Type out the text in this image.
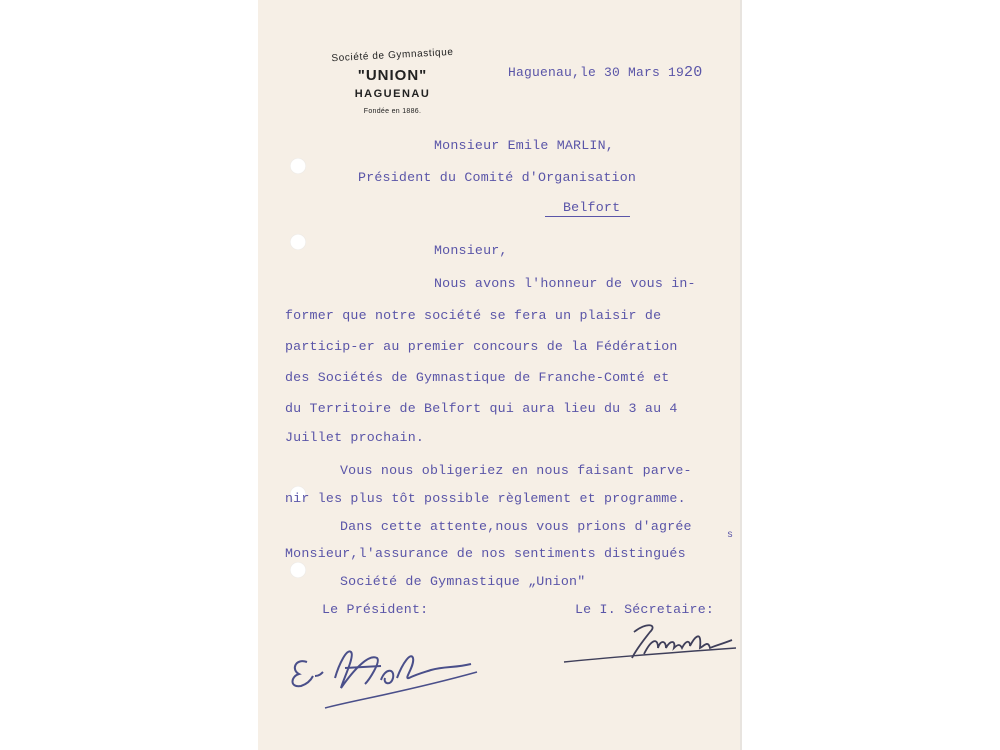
Société de Gymnastique
"UNION"
HAGUENAU
Fondée en 1886.
Haguenau,le 30 Mars 1920
Monsieur Emile MARLIN,
Président du Comité d'Organisation
Belfort
Monsieur,
Nous avons l'honneur de vous in-
former que notre société se fera un plaisir de
particip-er au premier concours de la Fédération
des Sociétés de Gymnastique de Franche-Comté et
du Territoire de Belfort qui aura lieu du 3 au 4
Juillet prochain.
Vous nous obligeriez en nous faisant parve-
nir les plus tôt possible règlement et programme.
Dans cette attente,nous vous prions d'agrée
s
Monsieur,l'assurance de nos sentiments distingués
Société de Gymnastique „Union"
Le Président:	Le I. Sécretaire:
